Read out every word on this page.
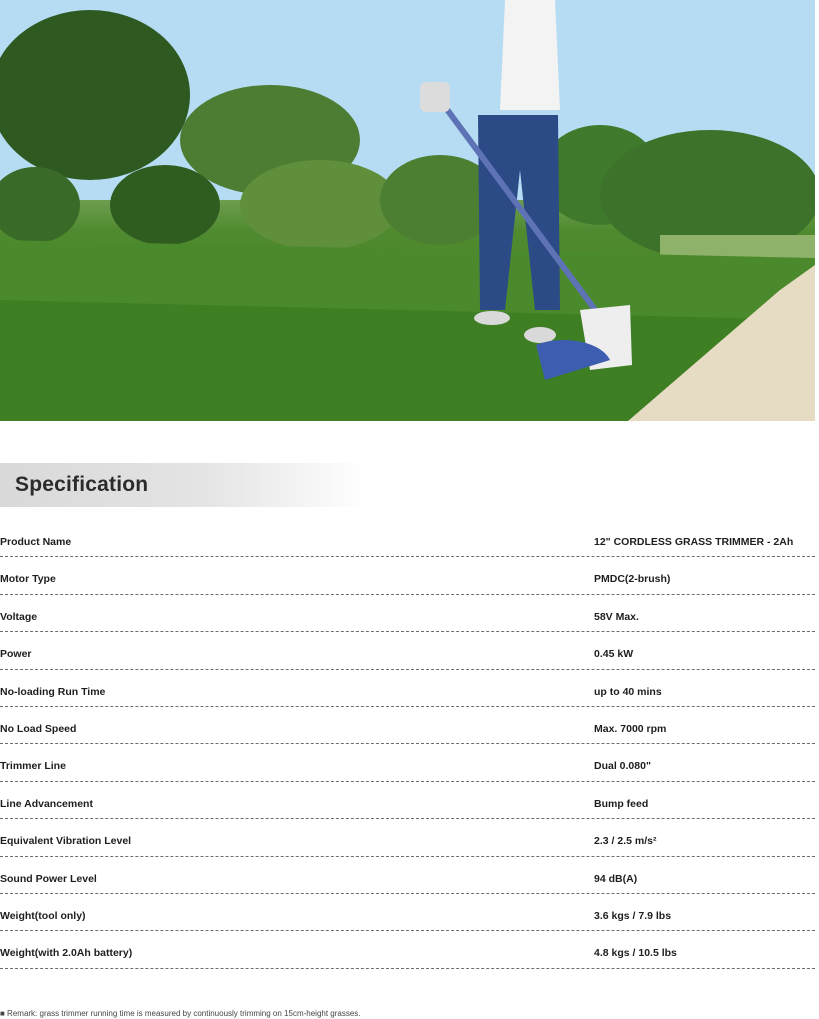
Specification
Product Name	12" CORDLESS GRASS TRIMMER - 2Ah
Motor Type	PMDC(2-brush)
Voltage	58V Max.
Power	0.45 kW
No-loading Run Time	up to 40 mins
No Load Speed	Max. 7000 rpm
Trimmer Line	Dual 0.080"
Line Advancement	Bump feed
Equivalent Vibration Level	2.3 / 2.5 m/s²
Sound Power Level	94 dB(A)
Weight(tool only)	3.6 kgs / 7.9 lbs
Weight(with 2.0Ah battery)	4.8 kgs / 10.5 lbs
■ Remark: grass trimmer running time is measured by continuously trimming on 15cm-height grasses.
